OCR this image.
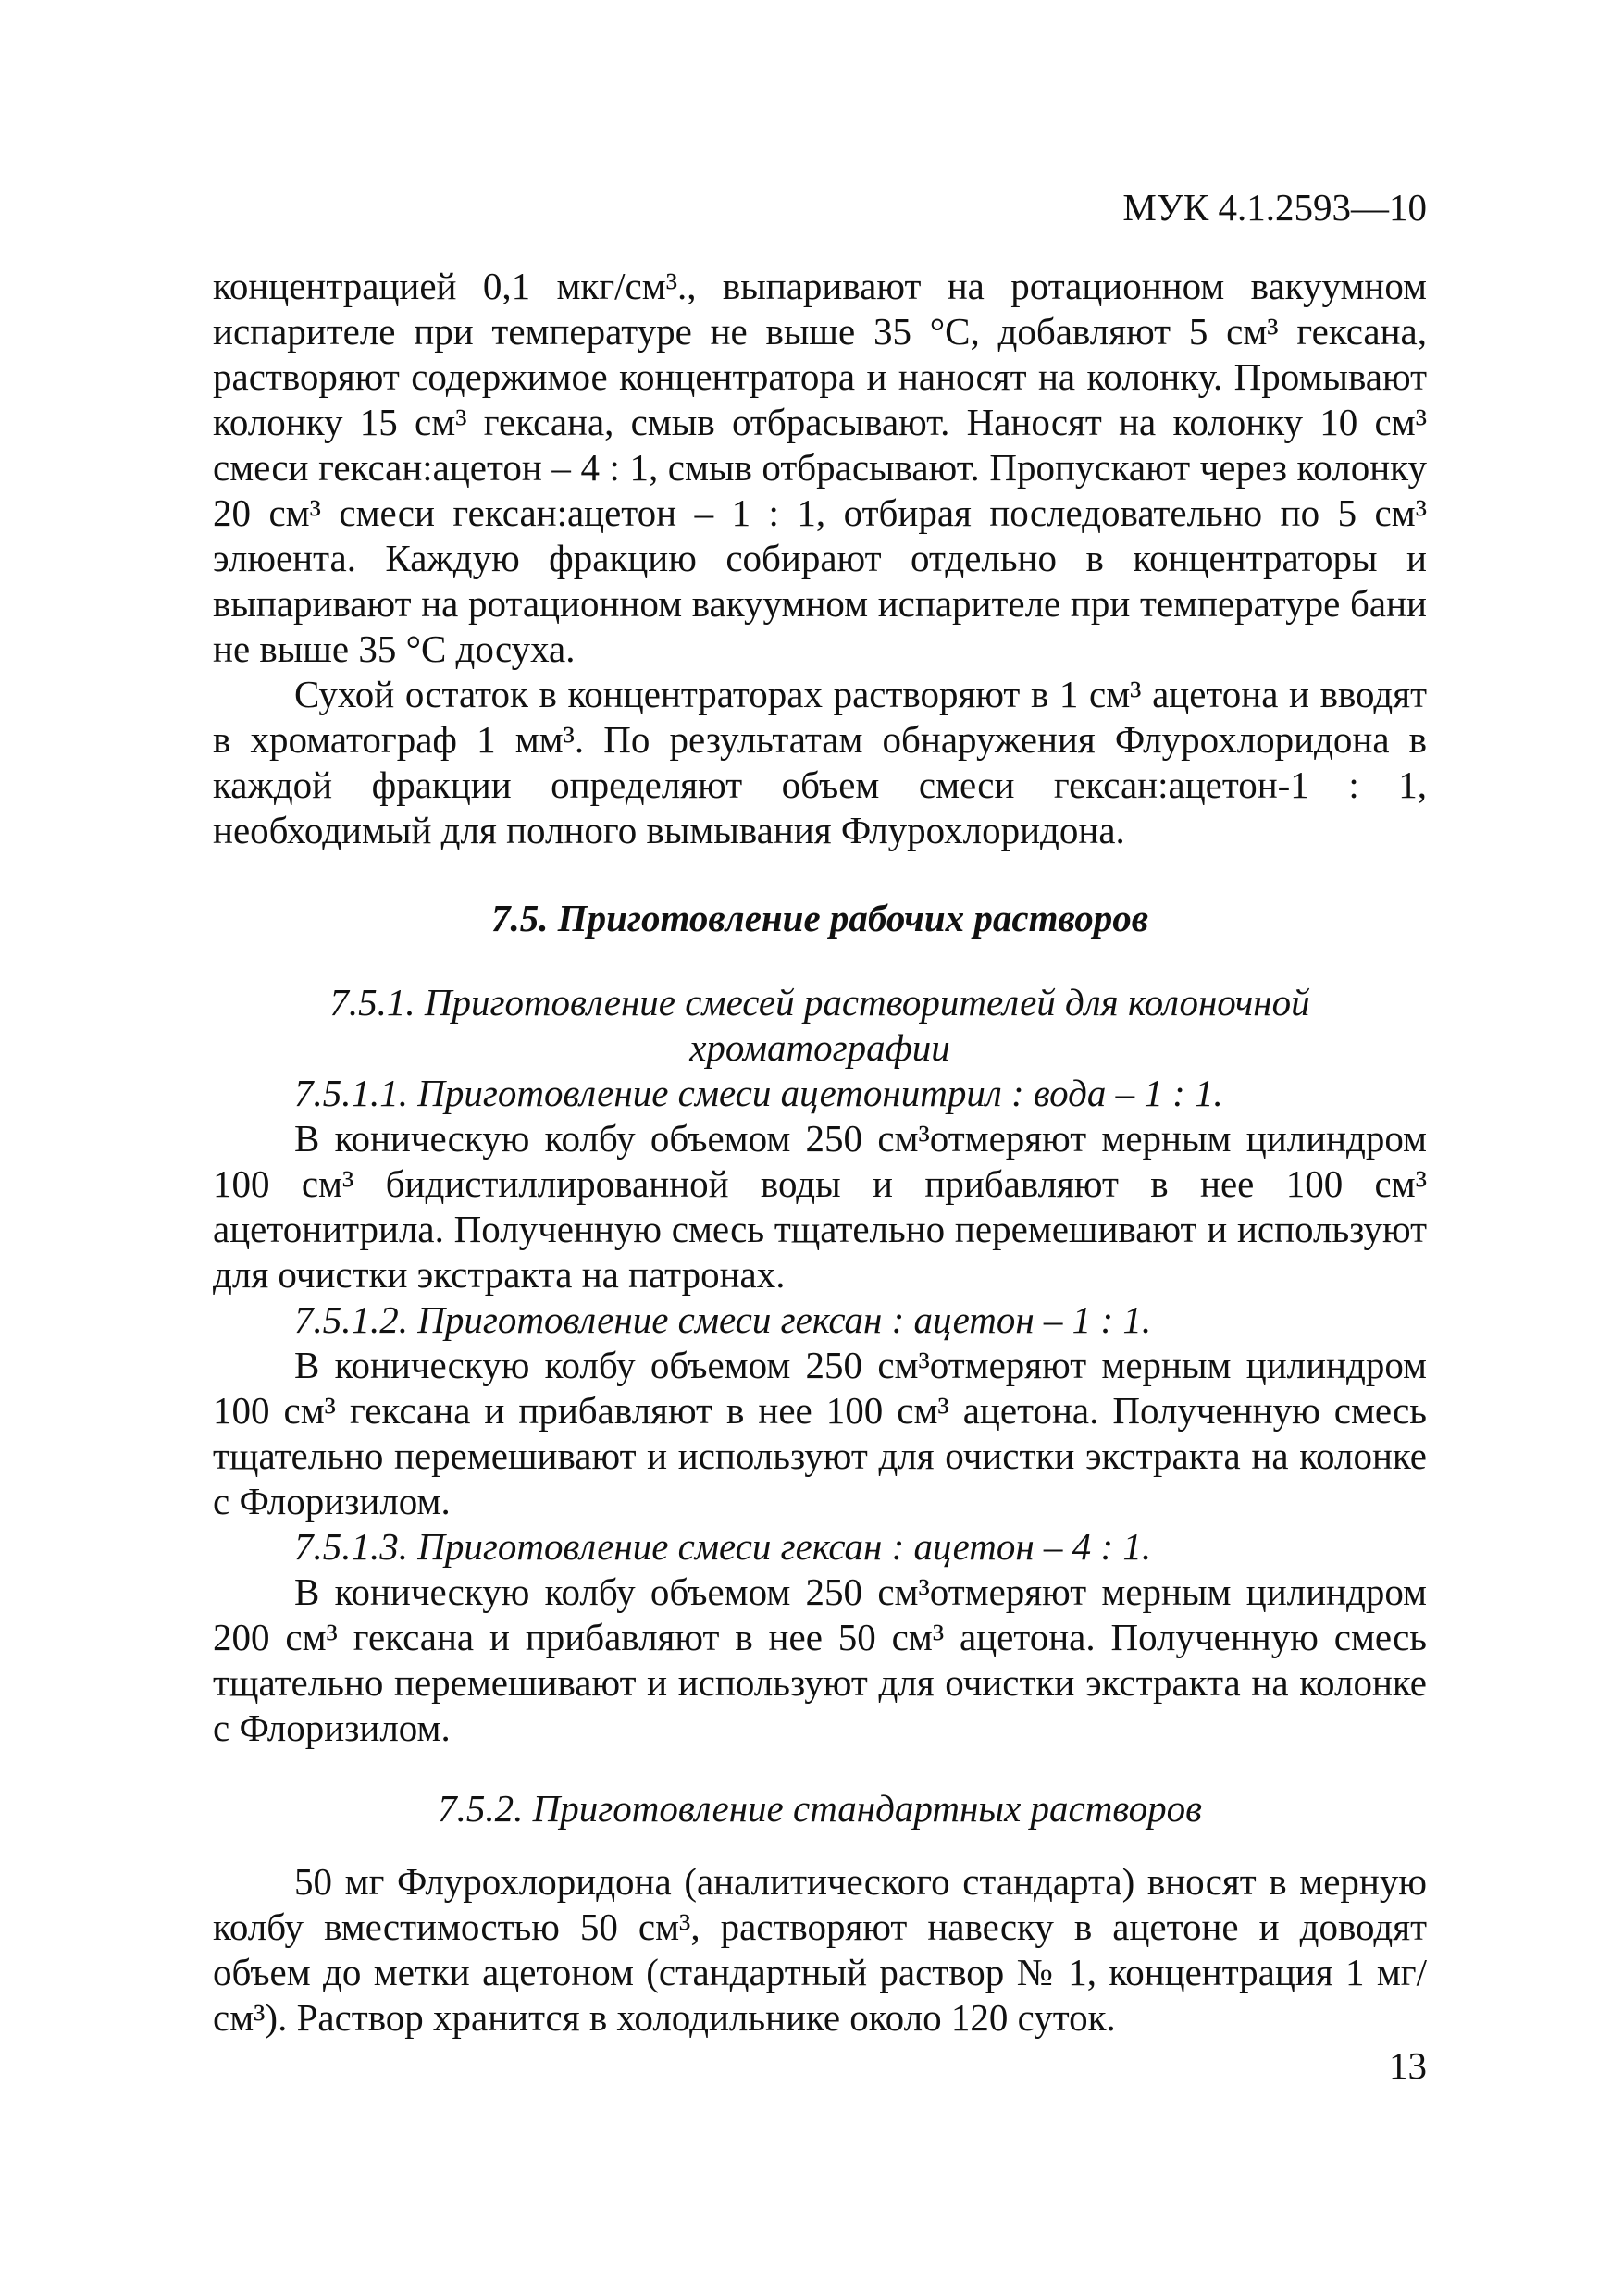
МУК 4.1.2593—10

концентрацией 0,1 мкг/см³., выпаривают на ротационном вакуумном испарителе при температуре не выше 35 °С, добавляют 5 см³ гексана, растворяют содержимое концентратора и наносят на колонку. Промывают колонку 15 см³ гексана, смыв отбрасывают. Наносят на колонку 10 см³ смеси гексан:ацетон – 4 : 1, смыв отбрасывают. Пропускают через колонку 20 см³ смеси гексан:ацетон – 1 : 1, отбирая последовательно по 5 см³ элюента. Каждую фракцию собирают отдельно в концентраторы и выпаривают на ротационном вакуумном испарителе при температуре бани не выше 35 °С досуха.

Сухой остаток в концентраторах растворяют в 1 см³ ацетона и вводят в хроматограф 1 мм³. По результатам обнаружения Флурохлоридона в каждой фракции определяют объем смеси гексан:ацетон-1 : 1, необходимый для полного вымывания Флурохлоридона.

7.5. Приготовление рабочих растворов
7.5.1. Приготовление смесей растворителей для колоночной хроматографии

7.5.1.1. Приготовление смеси ацетонитрил : вода – 1 : 1.

В коническую колбу объемом 250 см³отмеряют мерным цилиндром 100 см³ бидистиллированной воды и прибавляют в нее 100 см³ ацетонитрила. Полученную смесь тщательно перемешивают и используют для очистки экстракта на патронах.

7.5.1.2. Приготовление смеси гексан : ацетон – 1 : 1.

В коническую колбу объемом 250 см³отмеряют мерным цилиндром 100 см³ гексана и прибавляют в нее 100 см³ ацетона. Полученную смесь тщательно перемешивают и используют для очистки экстракта на колонке с Флоризилом.

7.5.1.3. Приготовление смеси гексан : ацетон – 4 : 1.

В коническую колбу объемом 250 см³отмеряют мерным цилиндром 200 см³ гексана и прибавляют в нее 50 см³ ацетона. Полученную смесь тщательно перемешивают и используют для очистки экстракта на колонке с Флоризилом.

7.5.2. Приготовление стандартных растворов

50 мг Флурохлоридона (аналитического стандарта) вносят в мерную колбу вместимостью 50 см³, растворяют навеску в ацетоне и доводят объем до метки ацетоном (стандартный раствор № 1, концентрация 1 мг/см³). Раствор хранится в холодильнике около 120 суток.

13
